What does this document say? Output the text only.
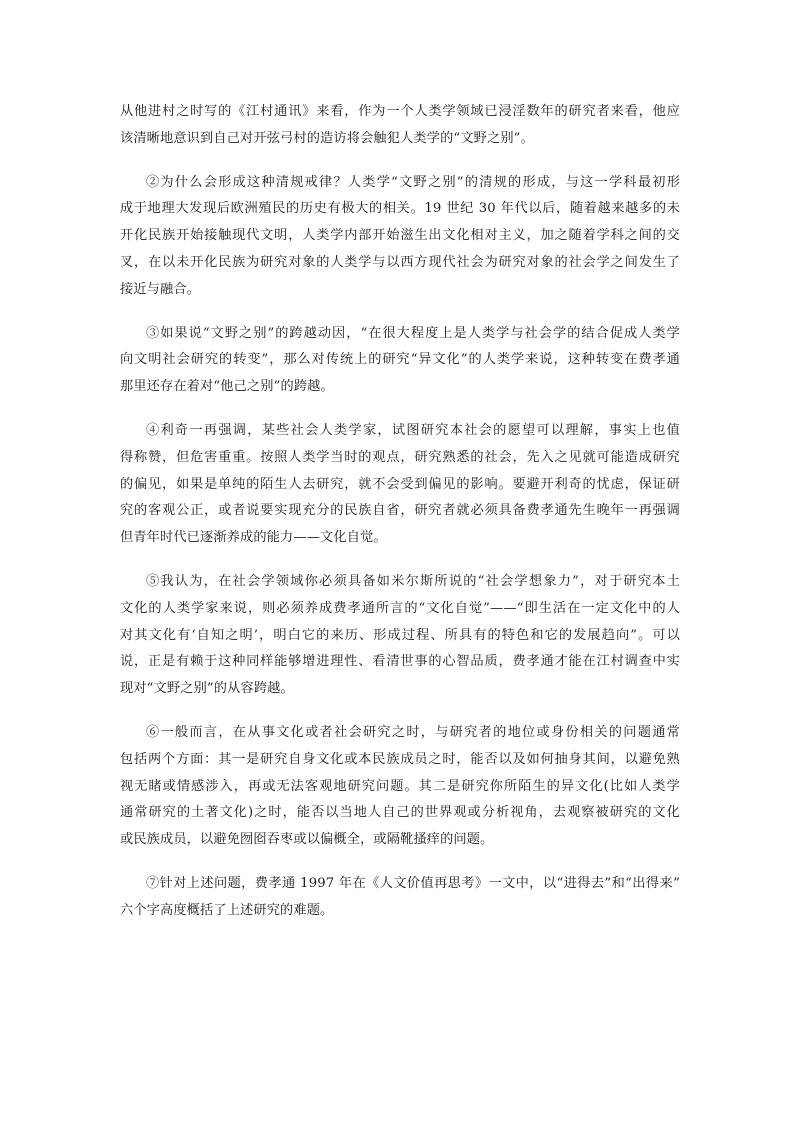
从他进村之时写的《江村通讯》来看，作为一个人类学领域已浸淫数年的研究者来看，他应
该清晰地意识到自己对开弦弓村的造访将会触犯人类学的“文野之别”。

②为什么会形成这种清规戒律？人类学“文野之别”的清规的形成，与这一学科最初形
成于地理大发现后欧洲殖民的历史有极大的相关。19 世纪 30 年代以后，随着越来越多的未
开化民族开始接触现代文明，人类学内部开始滋生出文化相对主义，加之随着学科之间的交
叉，在以未开化民族为研究对象的人类学与以西方现代社会为研究对象的社会学之间发生了
接近与融合。

③如果说“文野之别”的跨越动因，“在很大程度上是人类学与社会学的结合促成人类学
向文明社会研究的转变”，那么对传统上的研究“异文化”的人类学来说，这种转变在费孝通
那里还存在着对“他己之别”的跨越。

④利奇一再强调，某些社会人类学家，试图研究本社会的愿望可以理解，事实上也值
得称赞，但危害重重。按照人类学当时的观点，研究熟悉的社会，先入之见就可能造成研究
的偏见，如果是单纯的陌生人去研究，就不会受到偏见的影响。要避开利奇的忧虑，保证研
究的客观公正，或者说要实现充分的民族自省，研究者就必须具备费孝通先生晚年一再强调
但青年时代已逐渐养成的能力——文化自觉。

⑤我认为，在社会学领域你必须具备如米尔斯所说的“社会学想象力”，对于研究本土
文化的人类学家来说，则必须养成费孝通所言的“文化自觉”——“即生活在一定文化中的人
对其文化有‘自知之明’，明白它的来历、形成过程、所具有的特色和它的发展趋向”。可以
说，正是有赖于这种同样能够增进理性、看清世事的心智品质，费孝通才能在江村调查中实
现对“文野之别”的从容跨越。

⑥一般而言，在从事文化或者社会研究之时，与研究者的地位或身份相关的问题通常
包括两个方面：其一是研究自身文化或本民族成员之时，能否以及如何抽身其间，以避免熟
视无睹或情感涉入，再或无法客观地研究问题。其二是研究你所陌生的异文化(比如人类学
通常研究的土著文化)之时，能否以当地人自己的世界观或分析视角，去观察被研究的文化
或民族成员，以避免囫囵吞枣或以偏概全，或隔靴搔痒的问题。

⑦针对上述问题，费孝通 1997 年在《人文价值再思考》一文中，以“进得去”和“出得来”
六个字高度概括了上述研究的难题。
